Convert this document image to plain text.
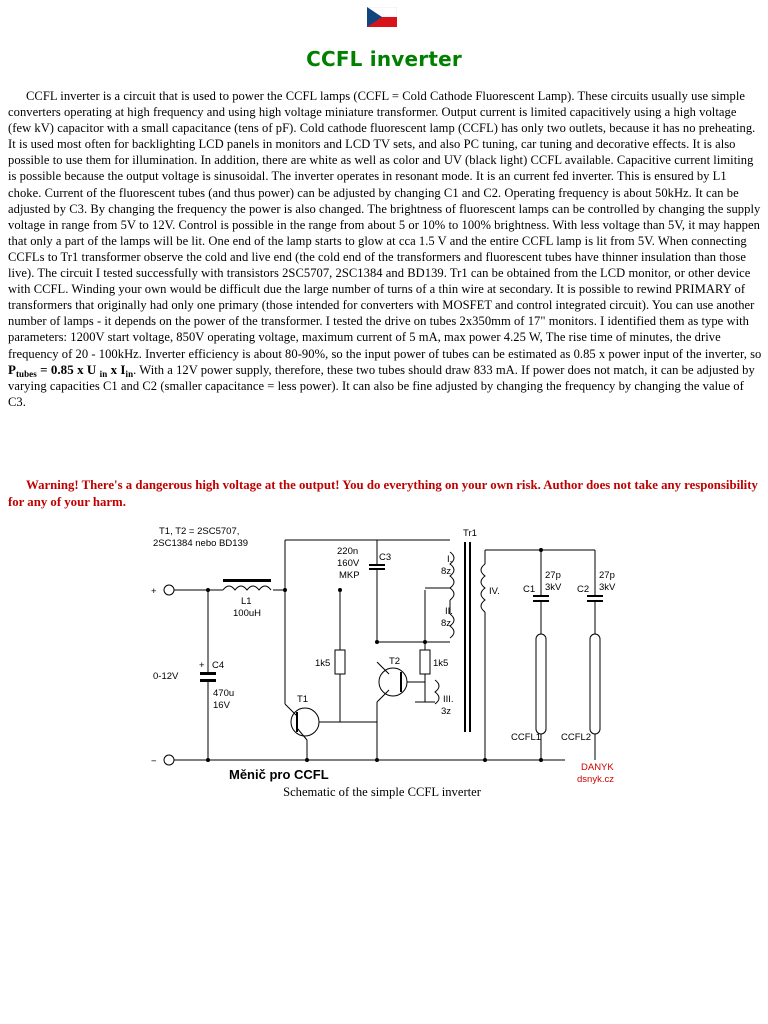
CCFL inverter

CCFL inverter is a circuit that is used to power the CCFL lamps (CCFL = Cold Cathode Fluorescent Lamp). These circuits usually use simple converters operating at high frequency and using high voltage miniature transformer. Output current is limited capacitively using a high voltage (few kV) capacitor with a small capacitance (tens of pF). Cold cathode fluorescent lamp (CCFL) has only two outlets, because it has no preheating. It is used most often for backlighting LCD panels in monitors and LCD TV sets, and also PC tuning, car tuning and decorative effects. It is also possible to use them for illumination. In addition, there are white as well as color and UV (black light) CCFL available. Capacitive current limiting is possible because the output voltage is sinusoidal. The inverter operates in resonant mode. It is an current fed inverter. This is ensured by L1 choke. Current of the fluorescent tubes (and thus power) can be adjusted by changing C1 and C2. Operating frequency is about 50kHz. It can be adjusted by C3. By changing the frequency the power is also changed. The brightness of fluorescent lamps can be controlled by changing the supply voltage in range from 5V to 12V. Control is possible in the range from about 5 or 10% to 100% brightness. With less voltage than 5V, it may happen that only a part of the lamps will be lit. One end of the lamp starts to glow at cca 1.5 V and the entire CCFL lamp is lit from 5V. When connecting CCFLs to Tr1 transformer observe the cold and live end (the cold end of the transformers and fluorescent tubes have thinner insulation than those live). The circuit I tested successfully with transistors 2SC5707, 2SC1384 and BD139. Tr1 can be obtained from the LCD monitor, or other device with CCFL. Winding your own would be difficult due the large number of turns of a thin wire at secondary. It is possible to rewind PRIMARY of transformers that originally had only one primary (those intended for converters with MOSFET and control integrated circuit). You can use another number of lamps - it depends on the power of the transformer. I tested the drive on tubes 2x350mm of 17" monitors. I identified them as type with parameters: 1200V start voltage, 850V operating voltage, maximum current of 5 mA, max power 4.25 W, The rise time of minutes, the drive frequency of 20 - 100kHz. Inverter efficiency is about 80-90%, so the input power of tubes can be estimated as 0.85 x power input of the inverter, so $P_{tubes} = 0.85$ x U $_{in}$ x $I_{in}$. With a 12V power supply, therefore, these two tubes should draw 833 mA. If power does not match, it can be adjusted by varying capacities C1 and C2 (smaller capacitance = less power). It can also be fine adjusted by changing the frequency by changing the value of C3.

Warning! There's a dangerous high voltage at the output! You do everything on your own risk. Author does not take any responsibility for any of your harm.

T1, T2 = 2SC5707,
2SC1384 nebo BD139
+
−
0-12V
L1
100uH
C4
+
470u
16V
1k5	1k5
T1
T2
220n
160V
MKP
C3
Tr1
I.
8z
II.
8z
III.
3z
IV. C1
27p
3kV C2
27p
3kV
CCFL1 CCFL2
Měnič pro CCFL	DANYK
dsnyk.cz

Schematic of the simple CCFL inverter
